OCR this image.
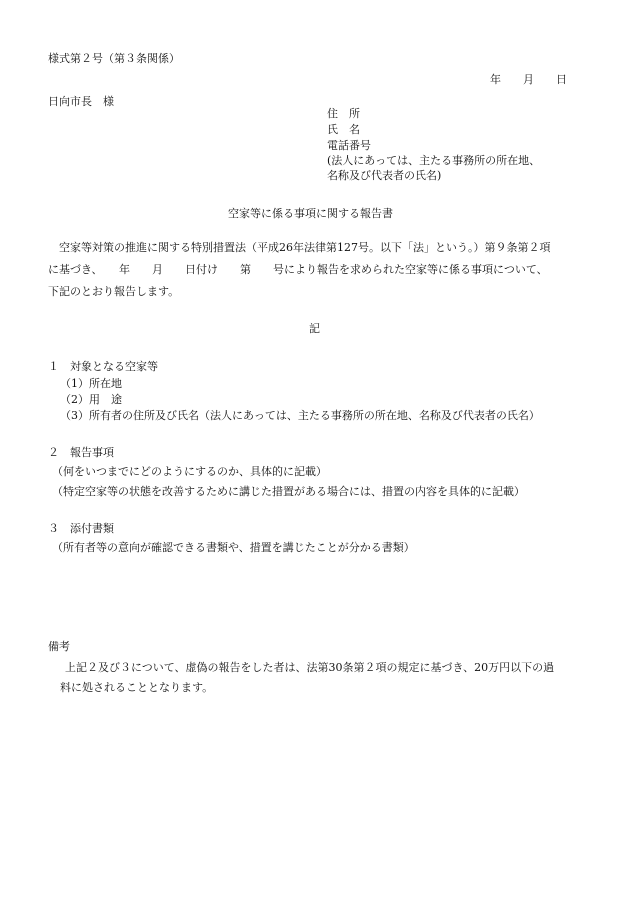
様式第２号（第３条関係）
年　　月　　日
日向市長　様
住　所
氏　名
電話番号
(法人にあっては、主たる事務所の所在地、
名称及び代表者の氏名)
空家等に係る事項に関する報告書
空家等対策の推進に関する特別措置法（平成26年法律第127号。以下「法」という。）第９条第２項
に基づき、　　年　　月　　日付け　　第　　号により報告を求められた空家等に係る事項について、
下記のとおり報告します。
記
１　対象となる空家等
（1）所在地
（2）用　途
（3）所有者の住所及び氏名（法人にあっては、主たる事務所の所在地、名称及び代表者の氏名）
２　報告事項
（何をいつまでにどのようにするのか、具体的に記載）
（特定空家等の状態を改善するために講じた措置がある場合には、措置の内容を具体的に記載）
３　添付書類
（所有者等の意向が確認できる書類や、措置を講じたことが分かる書類）
備考
上記２及び３について、虚偽の報告をした者は、法第30条第２項の規定に基づき、20万円以下の過
料に処されることとなります。
